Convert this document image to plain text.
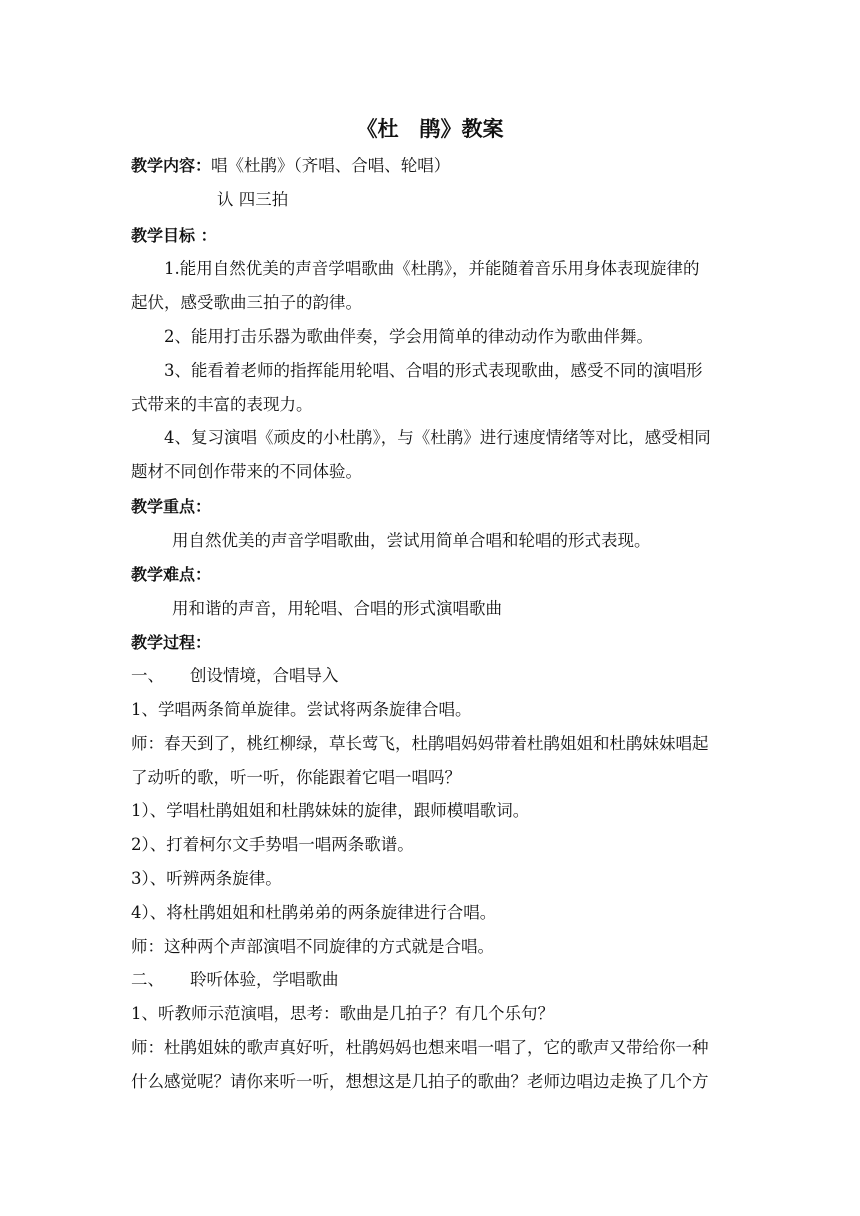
《杜　鹃》教案
教学内容：唱《杜鹃》（齐唱、合唱、轮唱）
认 四三拍
教学目标 ：
1.能用自然优美的声音学唱歌曲《杜鹃》，并能随着音乐用身体表现旋律的
起伏，感受歌曲三拍子的韵律。
2、能用打击乐器为歌曲伴奏，学会用简单的律动动作为歌曲伴舞。
3、能看着老师的指挥能用轮唱、合唱的形式表现歌曲，感受不同的演唱形
式带来的丰富的表现力。
4、复习演唱《顽皮的小杜鹃》，与《杜鹃》进行速度情绪等对比，感受相同
题材不同创作带来的不同体验。
教学重点：
用自然优美的声音学唱歌曲，尝试用简单合唱和轮唱的形式表现。
教学难点：
用和谐的声音，用轮唱、合唱的形式演唱歌曲
教学过程：
一、 创设情境，合唱导入
1、学唱两条简单旋律。尝试将两条旋律合唱。
师：春天到了，桃红柳绿，草长莺飞，杜鹃唱妈妈带着杜鹃姐姐和杜鹃妹妹唱起
了动听的歌，听一听，你能跟着它唱一唱吗？
1）、学唱杜鹃姐姐和杜鹃妹妹的旋律，跟师模唱歌词。
2）、打着柯尔文手势唱一唱两条歌谱。
3）、听辨两条旋律。
4）、将杜鹃姐姐和杜鹃弟弟的两条旋律进行合唱。
师：这种两个声部演唱不同旋律的方式就是合唱。
二、 聆听体验，学唱歌曲
1、听教师示范演唱，思考：歌曲是几拍子？有几个乐句？
师：杜鹃姐妹的歌声真好听，杜鹃妈妈也想来唱一唱了，它的歌声又带给你一种
什么感觉呢？请你来听一听，想想这是几拍子的歌曲？老师边唱边走换了几个方
